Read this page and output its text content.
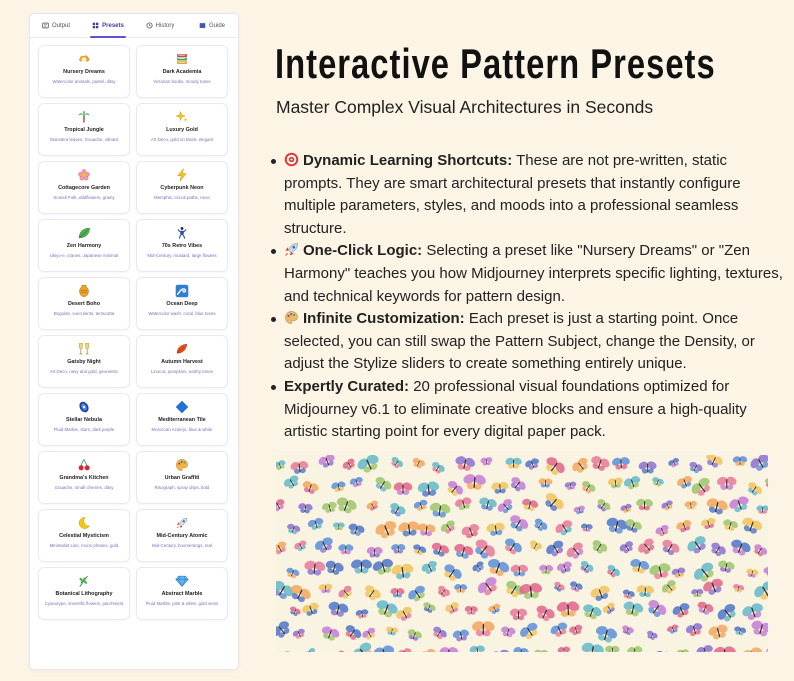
Output	Presets	History	Guide
Nursery Dreams
Watercolor animals, pastel, ditsy
Dark Academia
Victorian books, moody tones
Tropical Jungle
Monstera leaves, Gouache, vibrant
Luxury Gold
Art Deco, gold on black, elegant
Cottagecore Garden
Scandi Folk, wildflowers, grainy
Cyberpunk Neon
Memphis, circuit paths, neon
Zen Harmony
Ukiyo-e, cranes, Japanese minimal
70s Retro Vibes
Mid-Century, mustard, large flowers
Desert Boho
Bogolan, succulents, terracotta
Ocean Deep
Watercolor wash, coral, blue tones
Gatsby Night
Art Deco, navy and gold, geometric
Autumn Harvest
Linocut, pumpkins, earthy tones
Stellar Nebula
Fluid Marble, stars, dark purple
Mediterranean Tile
Moroccan Azulejo, blue & white
Grandma's Kitchen
Gouache, small cherries, ditsy
Urban Graffiti
Risograph, spray drips, bold
Celestial Mysticism
Minimalist Line, moon phases, gold
Mid-Century Atomic
Mid-Century, boomerangs, teal
Botanical Lithography
Cyanotype, scientific flowers, parchment
Abstract Marble
Fluid Marble, pink & white, gold veins
Interactive Pattern Presets
Master Complex Visual Architectures in Seconds
Dynamic Learning Shortcuts: These are not pre-written, static prompts. They are smart architectural presets that instantly configure multiple parameters, styles, and moods into a professional seamless structure.
One-Click Logic: Selecting a preset like "Nursery Dreams" or "Zen Harmony" teaches you how Midjourney interprets specific lighting, textures, and technical keywords for pattern design.
Infinite Customization: Each preset is just a starting point. Once selected, you can still swap the Pattern Subject, change the Density, or adjust the Stylize sliders to create something entirely unique.
Expertly Curated: 20 professional visual foundations optimized for Midjourney v6.1 to eliminate creative blocks and ensure a high-quality artistic starting point for every digital paper pack.
